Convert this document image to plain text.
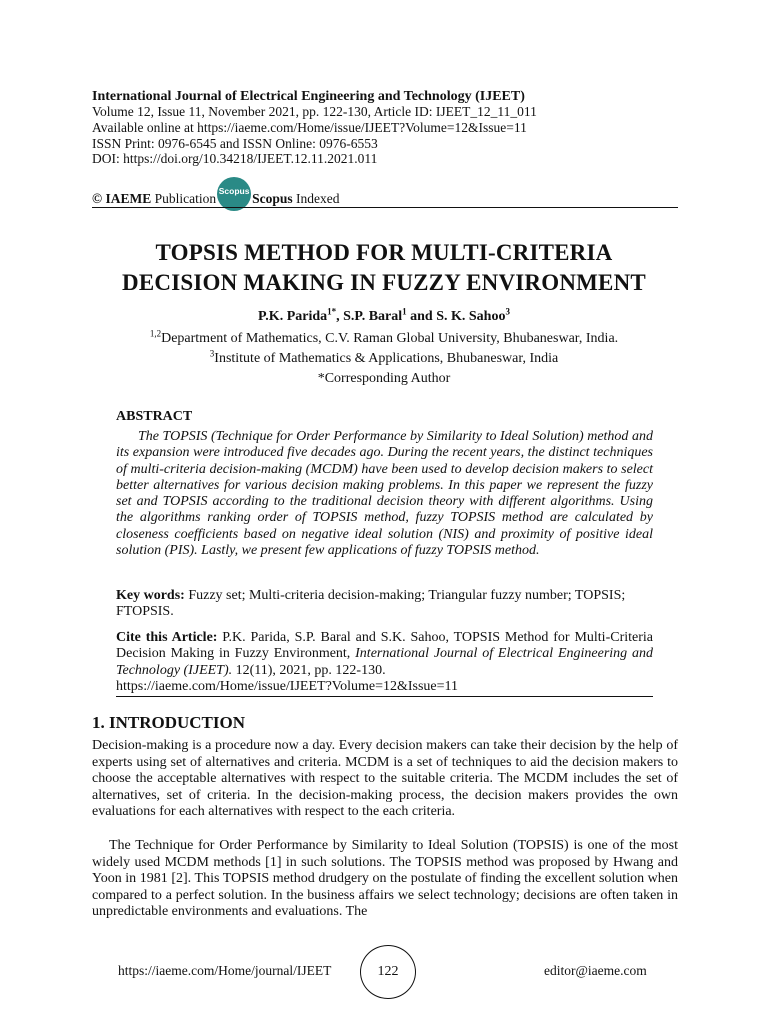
International Journal of Electrical Engineering and Technology (IJEET)
Volume 12, Issue 11, November 2021, pp. 122-130, Article ID: IJEET_12_11_011
Available online at https://iaeme.com/Home/issue/IJEET?Volume=12&Issue=11
ISSN Print: 0976-6545 and ISSN Online: 0976-6553
DOI: https://doi.org/10.34218/IJEET.12.11.2021.011
© IAEME Publication
Scopus
Scopus Indexed
TOPSIS METHOD FOR MULTI-CRITERIA
DECISION MAKING IN FUZZY ENVIRONMENT
P.K. Parida$^{1*}$, S.P. Baral$^1$ and S. K. Sahoo$^3$
$^{1,2}$Department of Mathematics, C.V. Raman Global University, Bhubaneswar, India.
$^3$Institute of Mathematics & Applications, Bhubaneswar, India
*Corresponding Author
ABSTRACT

The TOPSIS (Technique for Order Performance by Similarity to Ideal Solution) method and its expansion were introduced five decades ago. During the recent years, the distinct techniques of multi-criteria decision-making (MCDM) have been used to develop decision makers to select better alternatives for various decision making problems. In this paper we represent the fuzzy set and TOPSIS according to the traditional decision theory with different algorithms. Using the algorithms ranking order of TOPSIS method, fuzzy TOPSIS method are calculated by closeness coefficients based on negative ideal solution (NIS) and proximity of positive ideal solution (PIS). Lastly, we present few applications of fuzzy TOPSIS method.

Key words: Fuzzy set; Multi-criteria decision-making; Triangular fuzzy number; TOPSIS; FTOPSIS.
Cite this Article: P.K. Parida, S.P. Baral and S.K. Sahoo, TOPSIS Method for Multi-Criteria Decision Making in Fuzzy Environment, International Journal of Electrical Engineering and Technology (IJEET). 12(11), 2021, pp. 122-130.
https://iaeme.com/Home/issue/IJEET?Volume=12&Issue=11
1. INTRODUCTION

Decision-making is a procedure now a day. Every decision makers can take their decision by the help of experts using set of alternatives and criteria. MCDM is a set of techniques to aid the decision makers to choose the acceptable alternatives with respect to the suitable criteria. The MCDM includes the set of alternatives, set of criteria. In the decision-making process, the decision makers provides the own evaluations for each alternatives with respect to the each criteria.

The Technique for Order Performance by Similarity to Ideal Solution (TOPSIS) is one of the most widely used MCDM methods [1] in such solutions. The TOPSIS method was proposed by Hwang and Yoon in 1981 [2]. This TOPSIS method drudgery on the postulate of finding the excellent solution when compared to a perfect solution. In the business affairs we select technology; decisions are often taken in unpredictable environments and evaluations. The

https://iaeme.com/Home/journal/IJEET	122	editor@iaeme.com
